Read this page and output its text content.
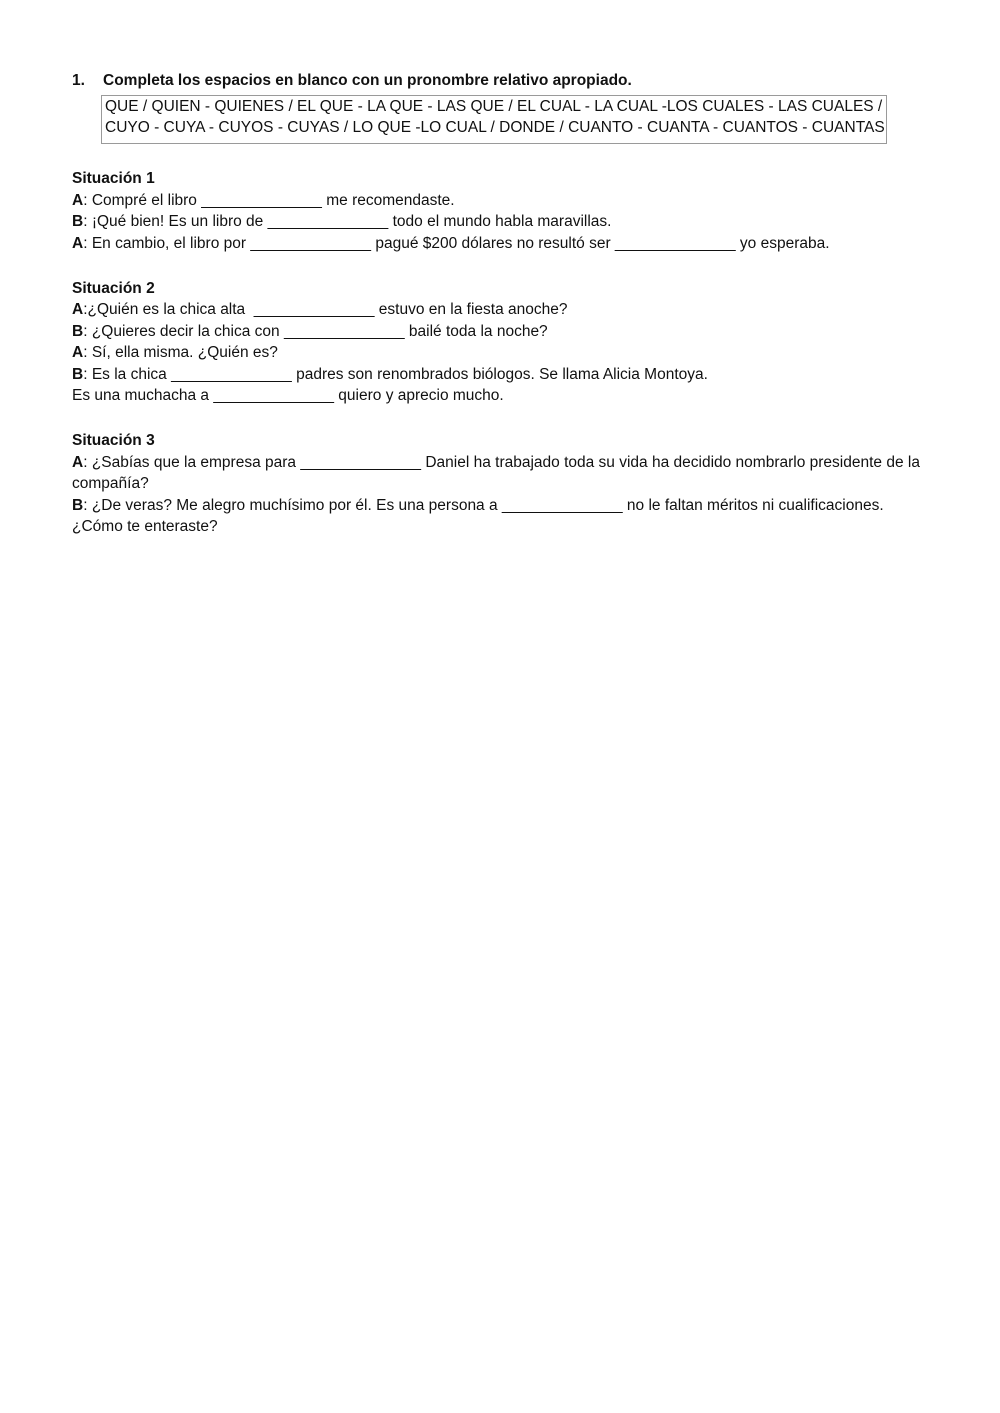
1.	Completa los espacios en blanco con un pronombre relativo apropiado.
QUE / QUIEN - QUIENES / EL QUE - LA QUE - LAS QUE / EL CUAL - LA CUAL -LOS CUALES - LAS CUALES /
CUYO - CUYA - CUYOS - CUYAS / LO QUE -LO CUAL / DONDE / CUANTO - CUANTA - CUANTOS - CUANTAS
Situación 1

A: Compré el libro ______________ me recomendaste.

B: ¡Qué bien! Es un libro de ______________ todo el mundo habla maravillas.

A: En cambio, el libro por ______________ pagué $200 dólares no resultó ser ______________ yo esperaba.

Situación 2

A:¿Quién es la chica alta  ______________ estuvo en la fiesta anoche?

B: ¿Quieres decir la chica con ______________ bailé toda la noche?

A: Sí, ella misma. ¿Quién es?

B: Es la chica ______________ padres son renombrados biólogos. Se llama Alicia Montoya.

Es una muchacha a ______________ quiero y aprecio mucho.

Situación 3

A: ¿Sabías que la empresa para ______________ Daniel ha trabajado toda su vida ha decidido nombrarlo presidente de la compañía?

B: ¿De veras? Me alegro muchísimo por él. Es una persona a ______________ no le faltan méritos ni cualificaciones. ¿Cómo te enteraste?
